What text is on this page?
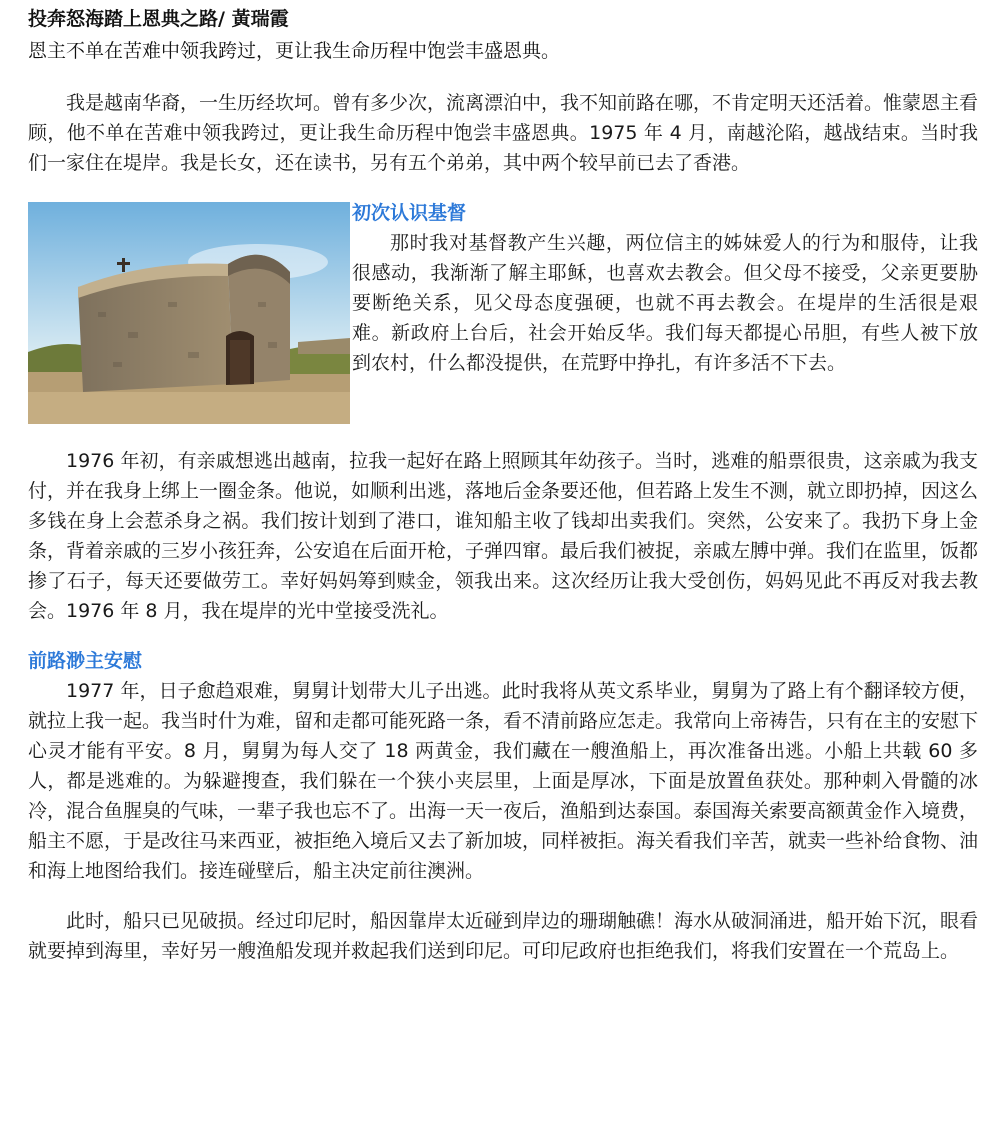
投奔怒海踏上恩典之路/ 黃瑞霞

恩主不单在苦难中领我跨过，更让我生命历程中饱尝丰盛恩典。

我是越南华裔，一生历经坎坷。曾有多少次，流离漂泊中，我不知前路在哪，不肯定明天还活着。惟蒙恩主看顾，他不单在苦难中领我跨过，更让我生命历程中饱尝丰盛恩典。1975 年 4 月，南越沦陷，越战结束。当时我们一家住在堤岸。我是长女，还在读书，另有五个弟弟，其中两个较早前已去了香港。

初次认识基督

那时我对基督教产生兴趣，两位信主的姊妹爱人的行为和服侍，让我很感动，我渐渐了解主耶稣，也喜欢去教会。但父母不接受，父亲更要胁要断绝关系，见父母态度强硬，也就不再去教会。在堤岸的生活很是艰难。新政府上台后，社会开始反华。我们每天都提心吊胆，有些人被下放到农村，什么都没提供，在荒野中挣扎，有许多活不下去。

1976 年初，有亲戚想逃出越南，拉我一起好在路上照顾其年幼孩子。当时，逃难的船票很贵，这亲戚为我支付，并在我身上绑上一圈金条。他说，如顺利出逃，落地后金条要还他，但若路上发生不测，就立即扔掉，因这么多钱在身上会惹杀身之祸。我们按计划到了港口，谁知船主收了钱却出卖我们。突然，公安来了。我扔下身上金条，背着亲戚的三岁小孩狂奔，公安追在后面开枪，子弹四窜。最后我们被捉，亲戚左膊中弹。我们在监里，饭都掺了石子，每天还要做劳工。幸好妈妈筹到赎金，领我出来。这次经历让我大受创伤，妈妈见此不再反对我去教会。1976 年 8 月，我在堤岸的光中堂接受洗礼。

前路渺主安慰

1977 年，日子愈趋艰难，舅舅计划带大儿子出逃。此时我将从英文系毕业，舅舅为了路上有个翻译较方便，就拉上我一起。我当时什为难，留和走都可能死路一条，看不清前路应怎走。我常向上帝祷告，只有在主的安慰下心灵才能有平安。8 月，舅舅为每人交了 18 两黄金，我们藏在一艘渔船上，再次准备出逃。小船上共载 60 多人，都是逃难的。为躲避搜查，我们躲在一个狭小夹层里，上面是厚冰，下面是放置鱼获处。那种刺入骨髓的冰冷，混合鱼腥臭的气味，一辈子我也忘不了。出海一天一夜后，渔船到达泰国。泰国海关索要高额黄金作入境费，船主不愿，于是改往马来西亚，被拒绝入境后又去了新加坡，同样被拒。海关看我们辛苦，就卖一些补给食物、油和海上地图给我们。接连碰壁后，船主决定前往澳洲。

此时，船只已见破损。经过印尼时，船因靠岸太近碰到岸边的珊瑚触礁！海水从破洞涌进，船开始下沉，眼看就要掉到海里，幸好另一艘渔船发现并救起我们送到印尼。可印尼政府也拒绝我们，将我们安置在一个荒岛上。
